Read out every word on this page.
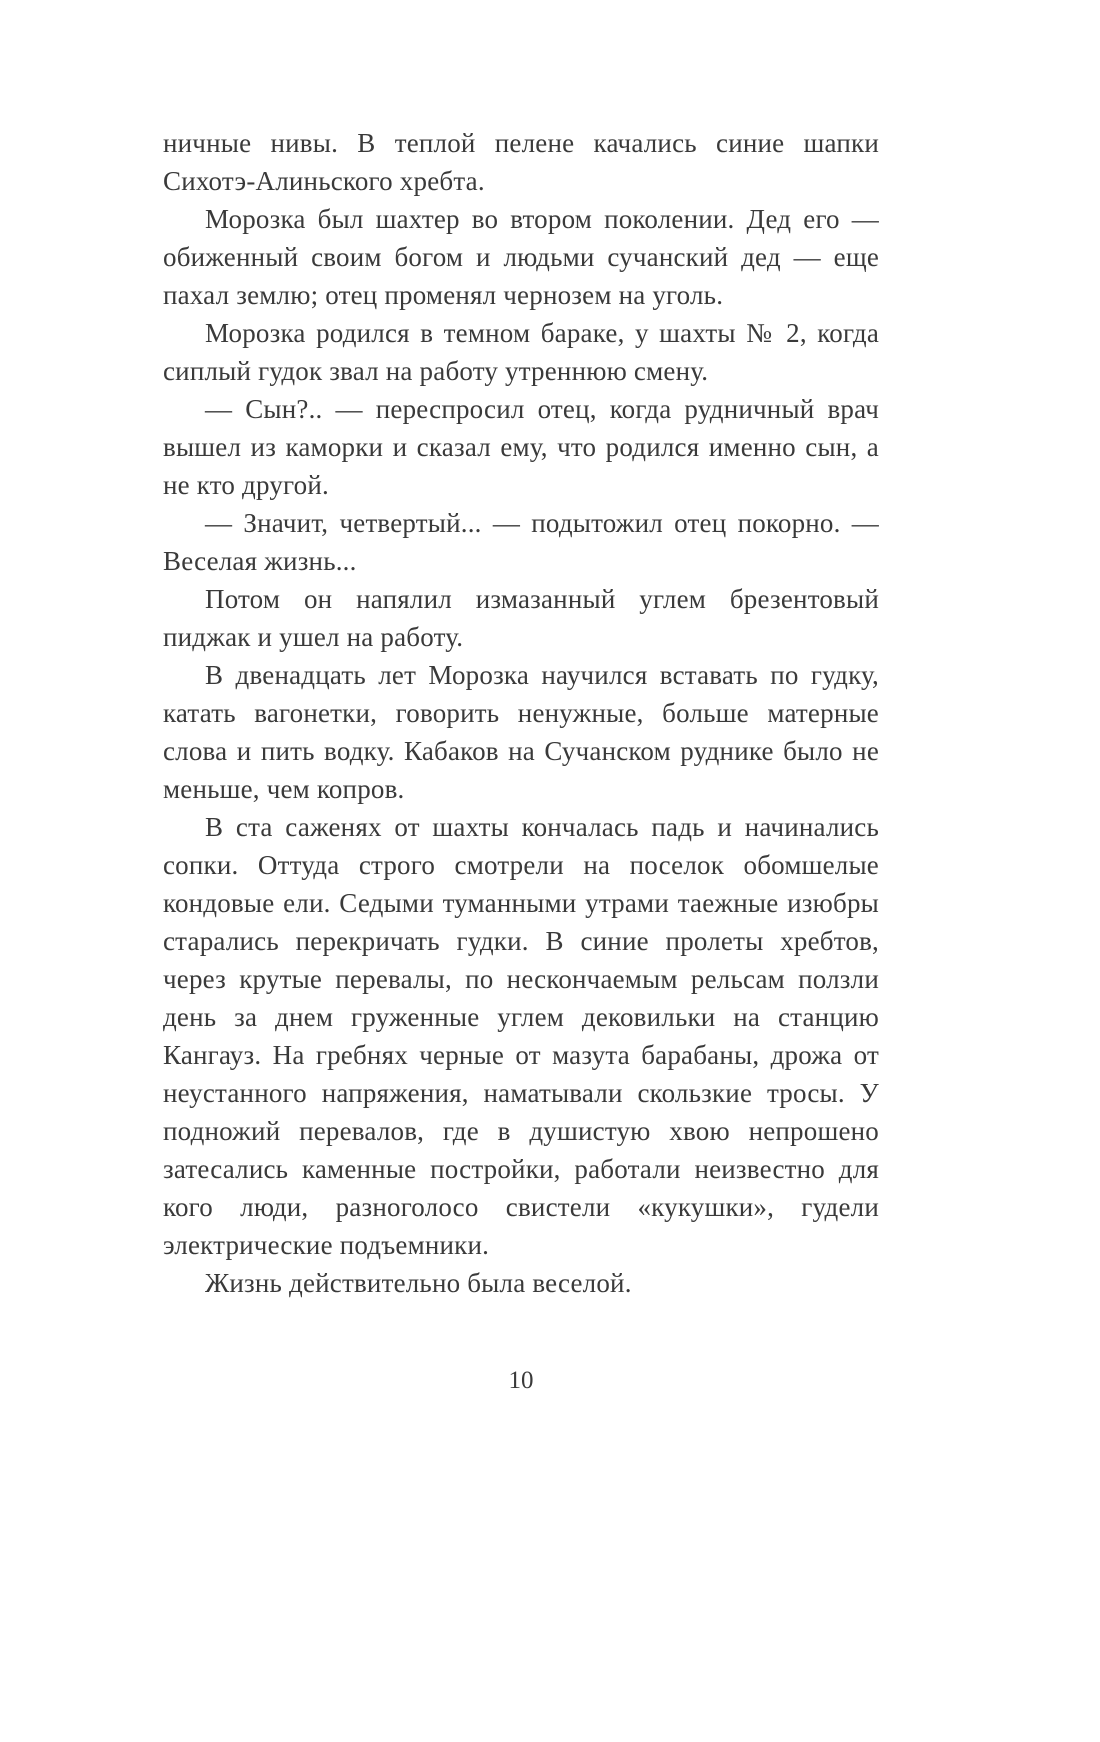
ничные нивы. В теплой пелене качались синие шапки Сихотэ-Алиньского хребта.

Морозка был шахтер во втором поколении. Дед его — обиженный своим богом и людьми сучанский дед — еще пахал землю; отец променял чернозем на уголь.

Морозка родился в темном бараке, у шахты № 2, когда сиплый гудок звал на работу утреннюю смену.

— Сын?.. — переспросил отец, когда рудничный врач вышел из каморки и сказал ему, что родился именно сын, а не кто другой.

— Значит, четвертый... — подытожил отец покорно. — Веселая жизнь...

Потом он напялил измазанный углем брезентовый пиджак и ушел на работу.

В двенадцать лет Морозка научился вставать по гудку, катать вагонетки, говорить ненужные, больше матерные слова и пить водку. Кабаков на Сучанском руднике было не меньше, чем копров.

В ста саженях от шахты кончалась падь и начинались сопки. Оттуда строго смотрели на поселок обомшелые кондовые ели. Седыми туманными утрами таежные изюбры старались перекричать гудки. В синие пролеты хребтов, через крутые перевалы, по нескончаемым рельсам ползли день за днем груженные углем дековильки на станцию Кангауз. На гребнях черные от мазута барабаны, дрожа от неустанного напряжения, наматывали скользкие тросы. У подножий перевалов, где в душистую хвою непрошено затесались каменные постройки, работали неизвестно для кого люди, разноголосо свистели «кукушки», гудели электрические подъемники.

Жизнь действительно была веселой.

10
